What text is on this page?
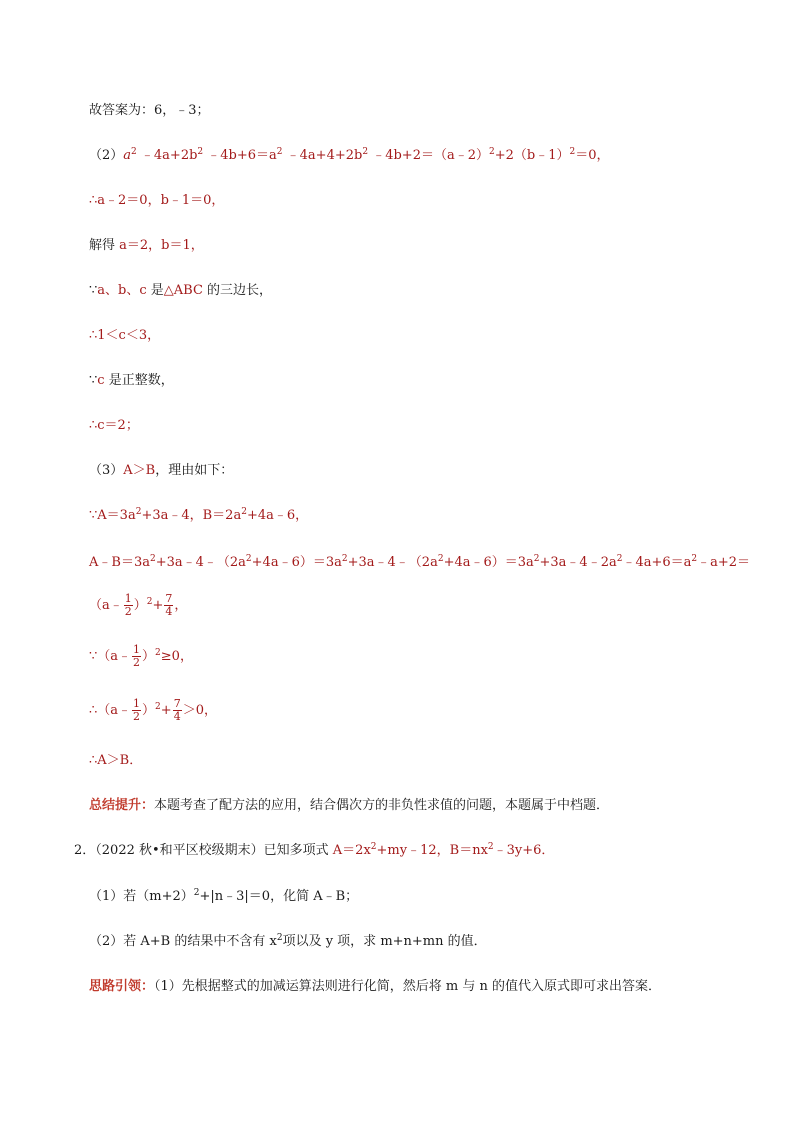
故答案为：6，﹣3；
$(2)a^2$ $﹣4a+2b^2$ $﹣4b+6=a^2$ $﹣4a+4+2b^2$ ﹣4b+2＝（a﹣2）$^2$+2（b﹣1）$^2$＝0，
∴a﹣2＝0，b﹣1＝0，
解得 a＝2，b＝1，
∵a、b、c 是△ABC 的三边长，
∴1＜c＜3，
∵c 是正整数，
∴c＝2；
（3）A＞B，理由如下：
$\because A=3a^2+3a﹣4$，$B=2a^2+4a﹣6$，
$A﹣B=3a^2+3a﹣4﹣(2a^2+4a﹣6)=3a^2+3a﹣4﹣(2a^2+4a﹣6)=3a^2+3a﹣4﹣2a^2﹣4a+6=a^2﹣a+2=$
（a﹣ $\frac{1}{2} )^2+ \frac{7}{4}$ ，
∵（a﹣ $\frac{1}{2} )^2\ge 0$，
∴（a﹣ $\frac{1}{2} )^2+ \frac{7}{4} >0$，
∴A＞B．
总结提升：本题考查了配方法的应用，结合偶次方的非负性求值的问题，本题属于中档题．
2．（2022 秋•和平区校级期末）已知多项式 $A=2x^2+my﹣12$，$B=nx^2﹣3y+6$．
（1）若$(m+2)^2+|n﹣3|=0$，化简 A﹣B；
（2）若 A+B 的结果中不含有 $x^2$项以及 y 项，求 m+n+mn 的值．
思路引领：（1）先根据整式的加减运算法则进行化简，然后将 m 与 n 的值代入原式即可求出答案．
